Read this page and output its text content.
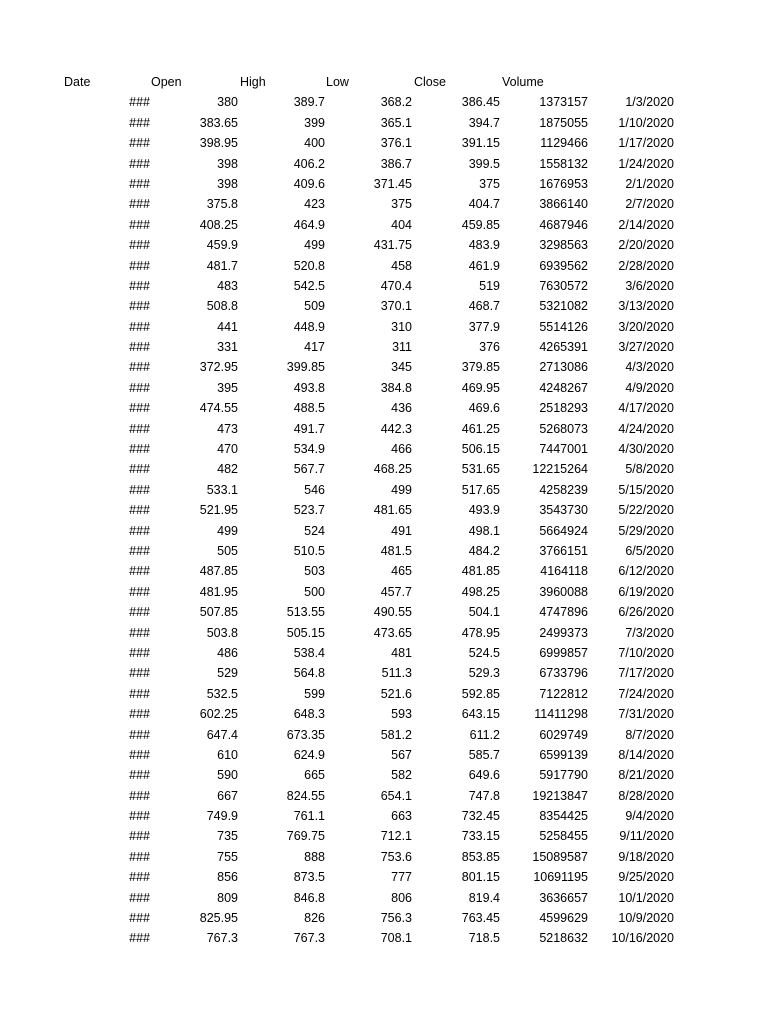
Date	Open	High	Low	Close	Volume
###	380	389.7	368.2	386.45	1373157	1/3/2020
###	383.65	399	365.1	394.7	1875055	1/10/2020
###	398.95	400	376.1	391.15	1129466	1/17/2020
###	398	406.2	386.7	399.5	1558132	1/24/2020
###	398	409.6	371.45	375	1676953	2/1/2020
###	375.8	423	375	404.7	3866140	2/7/2020
###	408.25	464.9	404	459.85	4687946	2/14/2020
###	459.9	499	431.75	483.9	3298563	2/20/2020
###	481.7	520.8	458	461.9	6939562	2/28/2020
###	483	542.5	470.4	519	7630572	3/6/2020
###	508.8	509	370.1	468.7	5321082	3/13/2020
###	441	448.9	310	377.9	5514126	3/20/2020
###	331	417	311	376	4265391	3/27/2020
###	372.95	399.85	345	379.85	2713086	4/3/2020
###	395	493.8	384.8	469.95	4248267	4/9/2020
###	474.55	488.5	436	469.6	2518293	4/17/2020
###	473	491.7	442.3	461.25	5268073	4/24/2020
###	470	534.9	466	506.15	7447001	4/30/2020
###	482	567.7	468.25	531.65	12215264	5/8/2020
###	533.1	546	499	517.65	4258239	5/15/2020
###	521.95	523.7	481.65	493.9	3543730	5/22/2020
###	499	524	491	498.1	5664924	5/29/2020
###	505	510.5	481.5	484.2	3766151	6/5/2020
###	487.85	503	465	481.85	4164118	6/12/2020
###	481.95	500	457.7	498.25	3960088	6/19/2020
###	507.85	513.55	490.55	504.1	4747896	6/26/2020
###	503.8	505.15	473.65	478.95	2499373	7/3/2020
###	486	538.4	481	524.5	6999857	7/10/2020
###	529	564.8	511.3	529.3	6733796	7/17/2020
###	532.5	599	521.6	592.85	7122812	7/24/2020
###	602.25	648.3	593	643.15	11411298	7/31/2020
###	647.4	673.35	581.2	611.2	6029749	8/7/2020
###	610	624.9	567	585.7	6599139	8/14/2020
###	590	665	582	649.6	5917790	8/21/2020
###	667	824.55	654.1	747.8	19213847	8/28/2020
###	749.9	761.1	663	732.45	8354425	9/4/2020
###	735	769.75	712.1	733.15	5258455	9/11/2020
###	755	888	753.6	853.85	15089587	9/18/2020
###	856	873.5	777	801.15	10691195	9/25/2020
###	809	846.8	806	819.4	3636657	10/1/2020
###	825.95	826	756.3	763.45	4599629	10/9/2020
###	767.3	767.3	708.1	718.5	5218632	10/16/2020
